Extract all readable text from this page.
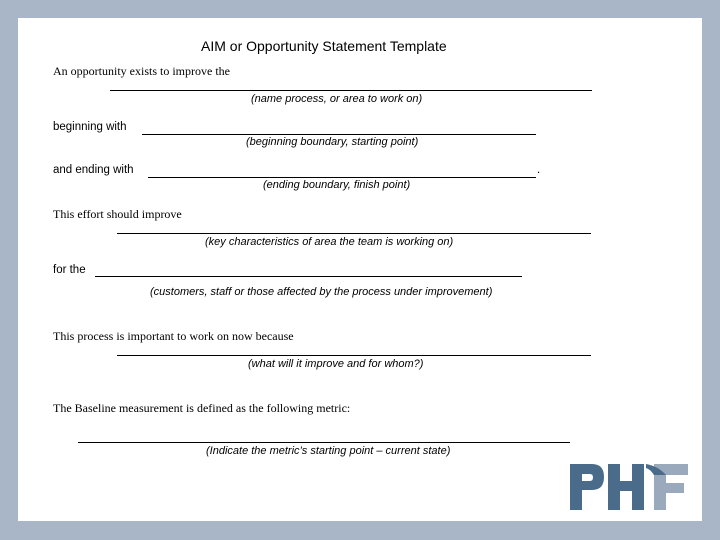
AIM or Opportunity Statement Template
An opportunity exists to improve the
(name process, or area to work on)
beginning with
(beginning boundary, starting point)
and ending with	.
(ending boundary, finish point)
This effort should improve
(key characteristics of area the team is working on)
for the
(customers, staff or those affected by the process under improvement)
This process is important to work on now because
(what will it improve and for whom?)
The Baseline measurement is defined as the following metric:
(Indicate the metric’s starting point – current state)
